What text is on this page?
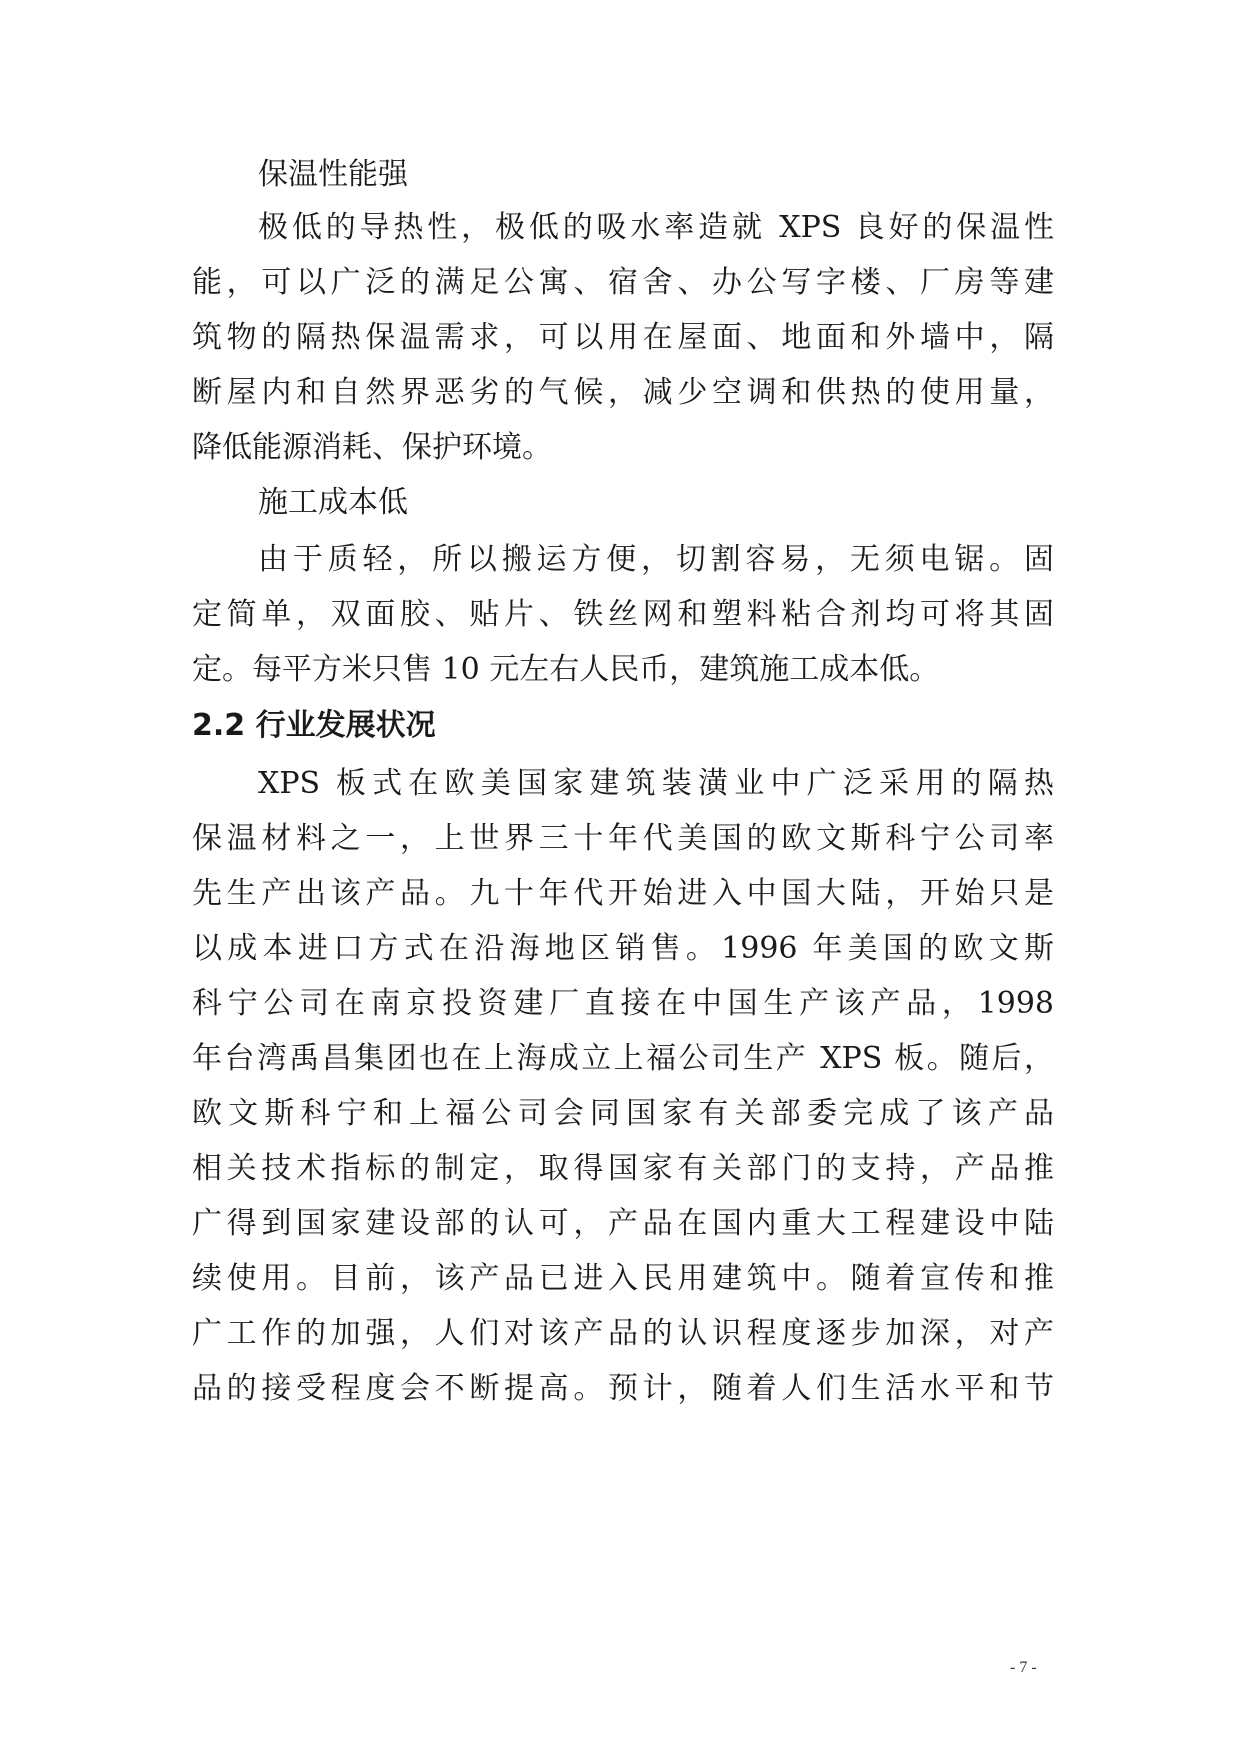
保温性能强
极低的导热性，极低的吸水率造就 XPS 良好的保温性
能，可以广泛的满足公寓、宿舍、办公写字楼、厂房等建
筑物的隔热保温需求，可以用在屋面、地面和外墙中，隔
断屋内和自然界恶劣的气候，减少空调和供热的使用量，
降低能源消耗、保护环境。
施工成本低
由于质轻，所以搬运方便，切割容易，无须电锯。固
定简单，双面胶、贴片、铁丝网和塑料粘合剂均可将其固
定。每平方米只售 10 元左右人民币，建筑施工成本低。
2.2 行业发展状况
XPS 板式在欧美国家建筑装潢业中广泛采用的隔热
保温材料之一，上世界三十年代美国的欧文斯科宁公司率
先生产出该产品。九十年代开始进入中国大陆，开始只是
以成本进口方式在沿海地区销售。1996 年美国的欧文斯
科宁公司在南京投资建厂直接在中国生产该产品，1998
年台湾禹昌集团也在上海成立上福公司生产 XPS 板。随后，
欧文斯科宁和上福公司会同国家有关部委完成了该产品
相关技术指标的制定，取得国家有关部门的支持，产品推
广得到国家建设部的认可，产品在国内重大工程建设中陆
续使用。目前，该产品已进入民用建筑中。随着宣传和推
广工作的加强，人们对该产品的认识程度逐步加深，对产
品的接受程度会不断提高。预计，随着人们生活水平和节
- 7 -
